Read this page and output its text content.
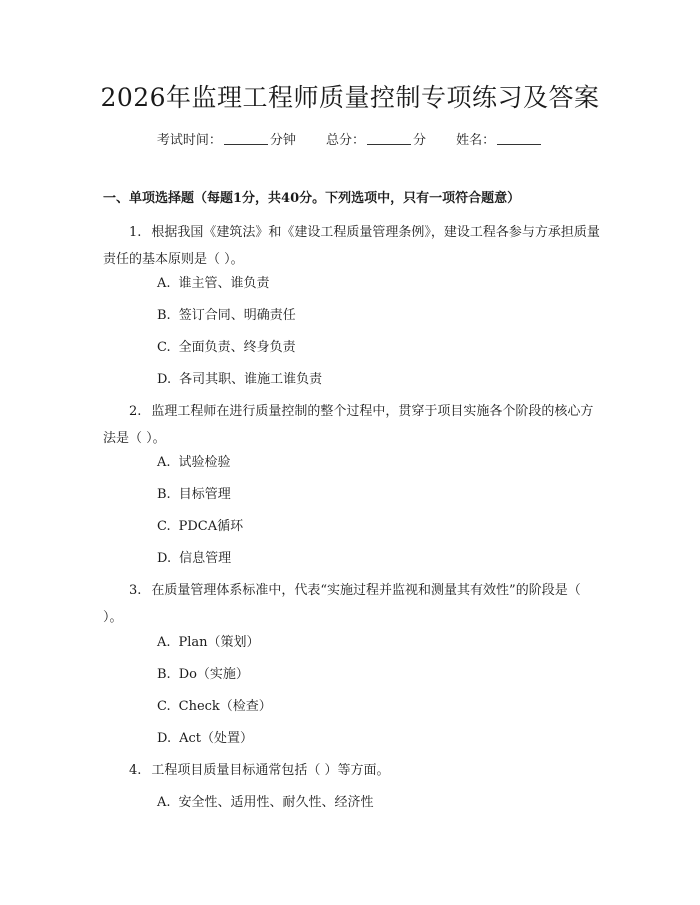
2026年监理工程师质量控制专项练习及答案
考试时间：	分钟 总分：	分 姓名：
一、单项选择题（每题1分，共40分。下列选项中，只有一项符合题意）
1. 根据我国《建筑法》和《建设工程质量管理条例》，建设工程各参与方承担质量责任的基本原则是（ ）。
A. 谁主管、谁负责
B. 签订合同、明确责任
C. 全面负责、终身负责
D. 各司其职、谁施工谁负责
2. 监理工程师在进行质量控制的整个过程中，贯穿于项目实施各个阶段的核心方法是（ ）。
A. 试验检验
B. 目标管理
C. PDCA循环
D. 信息管理
3. 在质量管理体系标准中，代表“实施过程并监视和测量其有效性”的阶段是（ ）。
A. Plan（策划）
B. Do（实施）
C. Check（检查）
D. Act（处置）
4. 工程项目质量目标通常包括（ ）等方面。
A. 安全性、适用性、耐久性、经济性
